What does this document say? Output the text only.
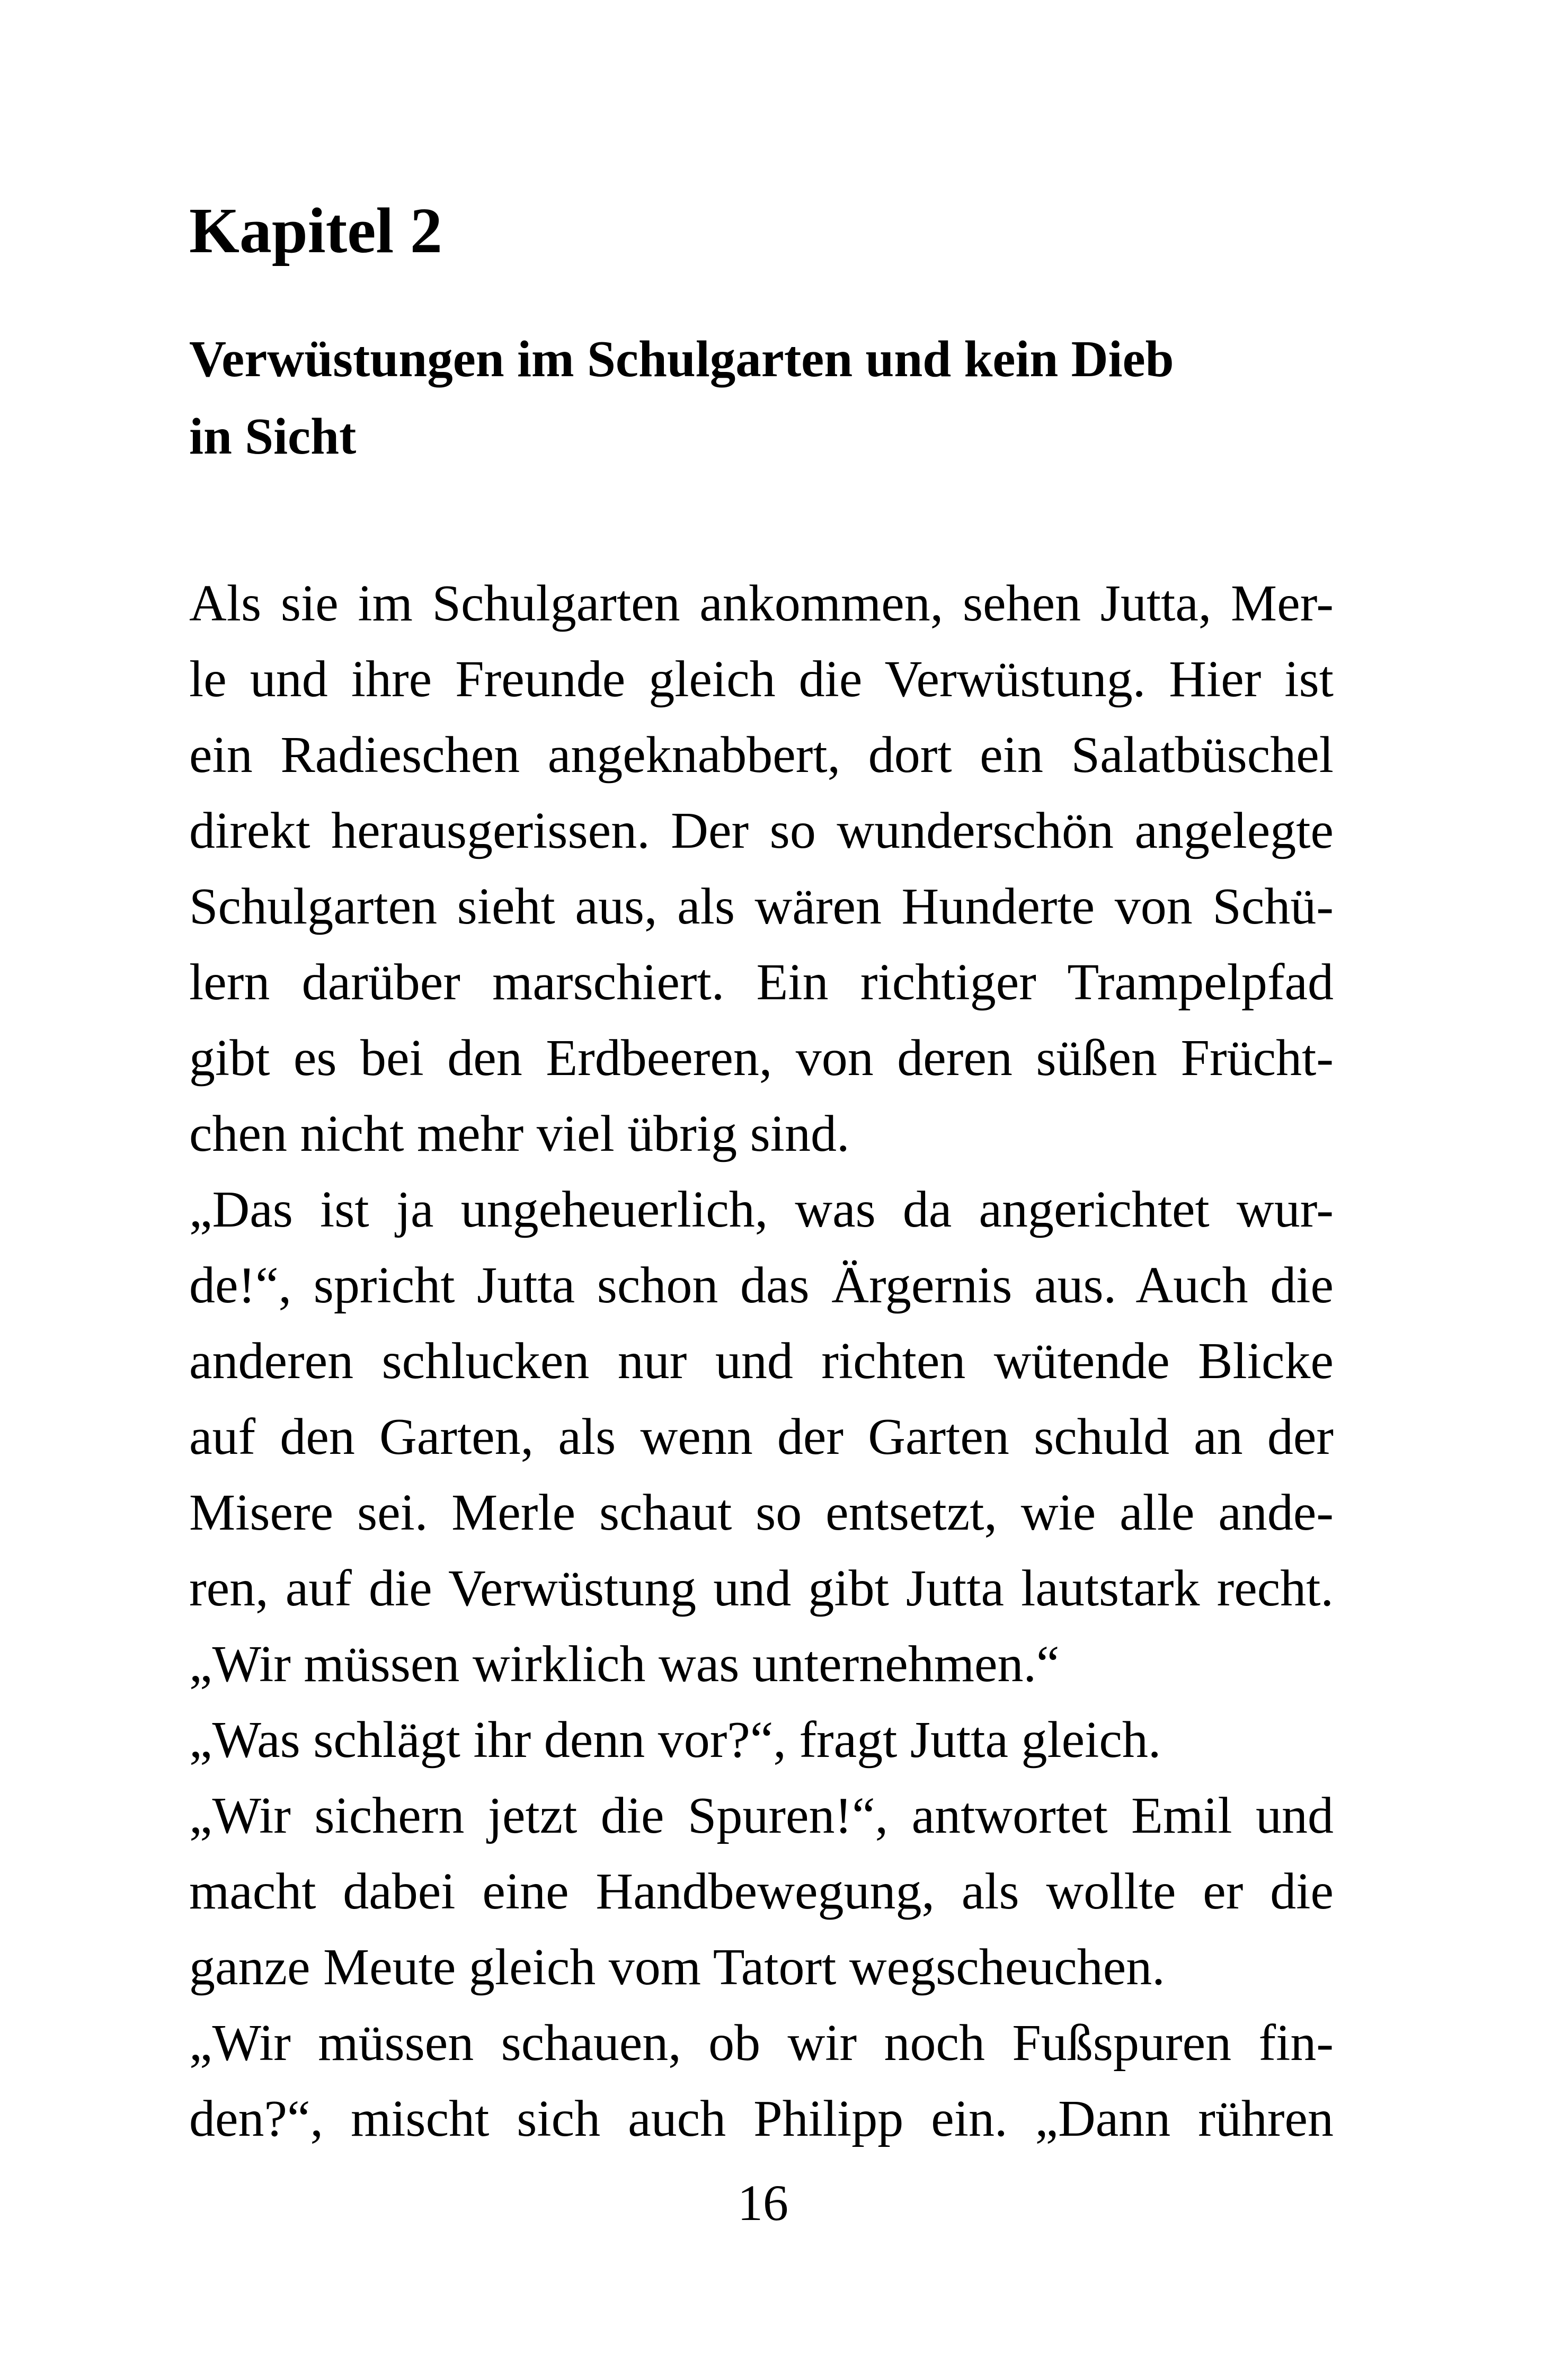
Kapitel 2
Verwüstungen im Schulgarten und kein Dieb
in Sicht
Als sie im Schulgarten ankommen, sehen Jutta, Mer-
le und ihre Freunde gleich die Verwüstung. Hier ist
ein Radieschen angeknabbert, dort ein Salatbüschel
direkt herausgerissen. Der so wunderschön angelegte
Schulgarten sieht aus, als wären Hunderte von Schü-
lern darüber marschiert. Ein richtiger Trampelpfad
gibt es bei den Erdbeeren, von deren süßen Frücht-
chen nicht mehr viel übrig sind.
„Das ist ja ungeheuerlich, was da angerichtet wur-
de!“, spricht Jutta schon das Ärgernis aus. Auch die
anderen schlucken nur und richten wütende Blicke
auf den Garten, als wenn der Garten schuld an der
Misere sei. Merle schaut so entsetzt, wie alle ande-
ren, auf die Verwüstung und gibt Jutta lautstark recht.
„Wir müssen wirklich was unternehmen.“
„Was schlägt ihr denn vor?“, fragt Jutta gleich.
„Wir sichern jetzt die Spuren!“, antwortet Emil und
macht dabei eine Handbewegung, als wollte er die
ganze Meute gleich vom Tatort wegscheuchen.
„Wir müssen schauen, ob wir noch Fußspuren fin-
den?“, mischt sich auch Philipp ein. „Dann rühren
16
